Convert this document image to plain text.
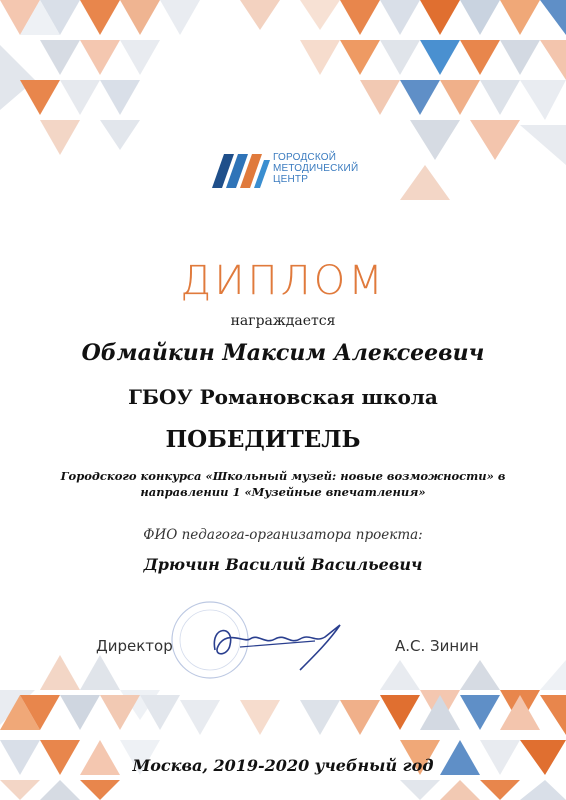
ГОРОДСКОЙ
МЕТОДИЧЕСКИЙ
ЦЕНТР
ДИПЛОМ
награждается
Обмайкин Максим Алексеевич
ГБОУ Романовская школа
ПОБЕДИТЕЛЬ
Городского конкурса «Школьный музей: новые возможности» в
направлении 1 «Музейные впечатления»
ФИО педагога-организатора проекта:
Дрючин Василий Васильевич
Директор	А.С. Зинин
Москва, 2019-2020 учебный год
